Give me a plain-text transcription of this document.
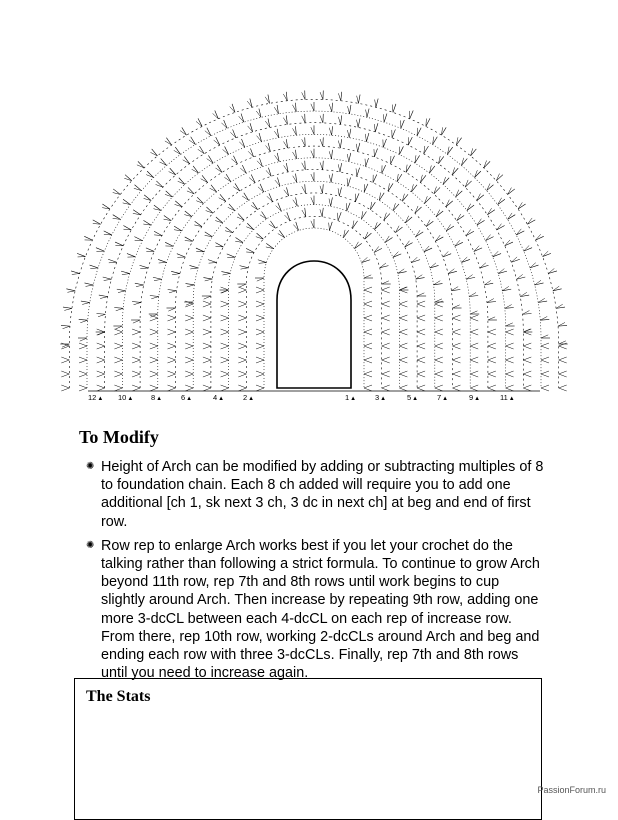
12▲ 10▲ 8▲	6▲	4▲	2▲	1▲	3▲	5▲	7▲	9▲	11▲
To Modify
✺ Height of Arch can be modified by adding or subtracting multiples of 8 to foundation chain. Each 8 ch added will require you to add one additional [ch 1, sk next 3 ch, 3 dc in next ch] at beg and end of first row.
✺ Row rep to enlarge Arch works best if you let your crochet do the talking rather than following a strict formula. To continue to grow Arch beyond 11th row, rep 7th and 8th rows until work begins to cup slightly around Arch. Then increase by repeating 9th row, adding one more 3-dcCL between each 4-dcCL on each rep of increase row. From there, rep 10th row, working 2-dcCLs around Arch and beg and ending each row with three 3-dcCLs. Finally, rep 7th and 8th rows until you need to increase again.
The Stats
PassionForum.ru
